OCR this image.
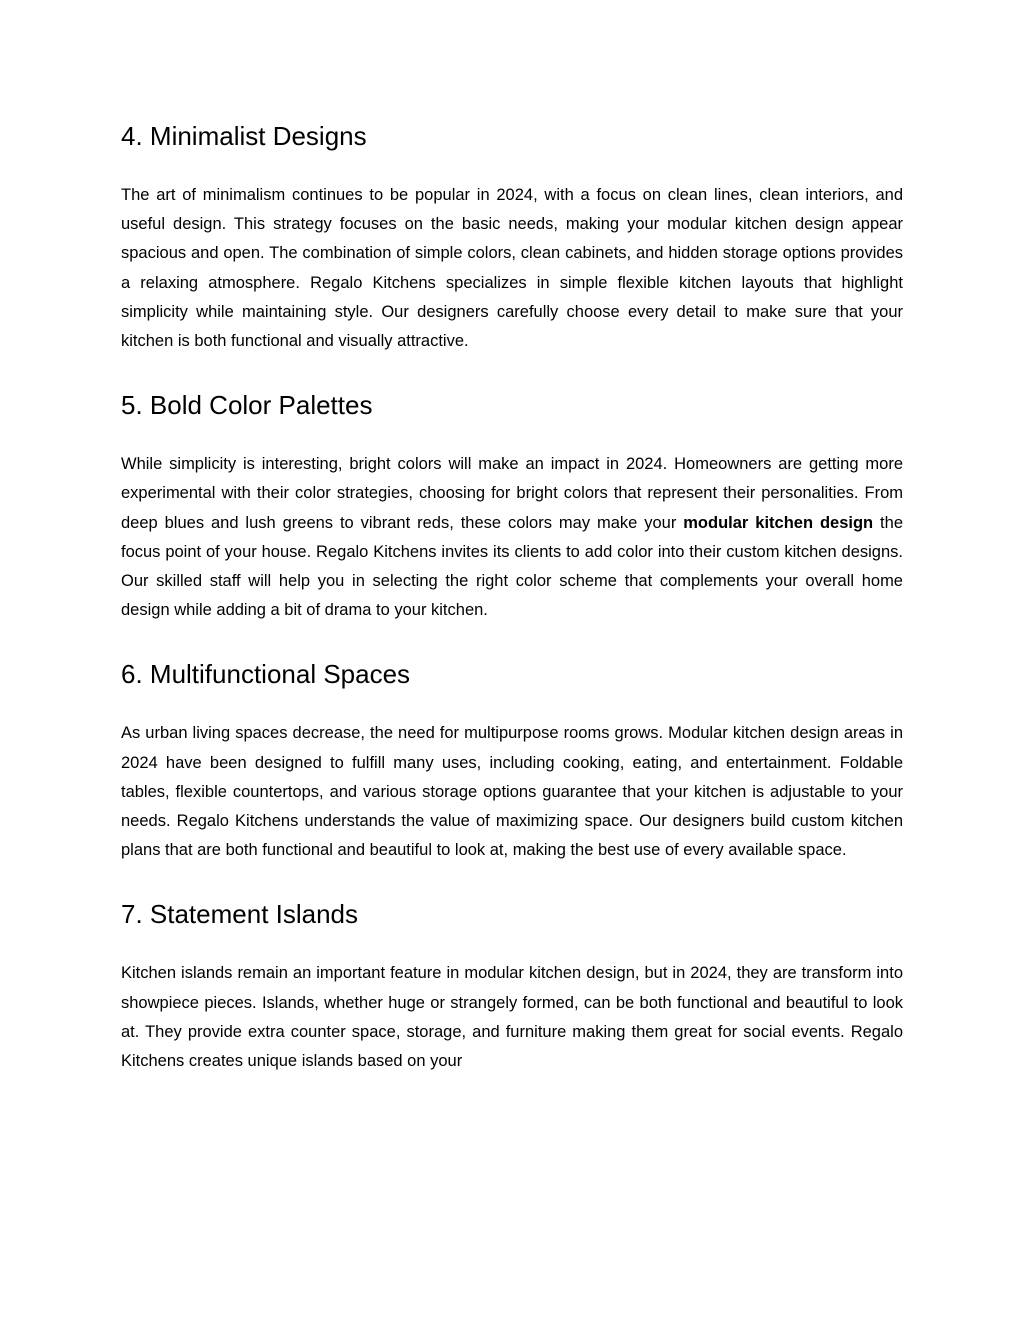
4. Minimalist Designs

The art of minimalism continues to be popular in 2024, with a focus on clean lines, clean interiors, and useful design. This strategy focuses on the basic needs, making your modular kitchen design appear spacious and open. The combination of simple colors, clean cabinets, and hidden storage options provides a relaxing atmosphere. Regalo Kitchens specializes in simple flexible kitchen layouts that highlight simplicity while maintaining style. Our designers carefully choose every detail to make sure that your kitchen is both functional and visually attractive.

5. Bold Color Palettes

While simplicity is interesting, bright colors will make an impact in 2024. Homeowners are getting more experimental with their color strategies, choosing for bright colors that represent their personalities. From deep blues and lush greens to vibrant reds, these colors may make your modular kitchen design the focus point of your house. Regalo Kitchens invites its clients to add color into their custom kitchen designs. Our skilled staff will help you in selecting the right color scheme that complements your overall home design while adding a bit of drama to your kitchen.

6. Multifunctional Spaces

As urban living spaces decrease, the need for multipurpose rooms grows. Modular kitchen design areas in 2024 have been designed to fulfill many uses, including cooking, eating, and entertainment. Foldable tables, flexible countertops, and various storage options guarantee that your kitchen is adjustable to your needs. Regalo Kitchens understands the value of maximizing space. Our designers build custom kitchen plans that are both functional and beautiful to look at, making the best use of every available space.

7. Statement Islands

Kitchen islands remain an important feature in modular kitchen design, but in 2024, they are transform into showpiece pieces. Islands, whether huge or strangely formed, can be both functional and beautiful to look at. They provide extra counter space, storage, and furniture making them great for social events. Regalo Kitchens creates unique islands based on your
